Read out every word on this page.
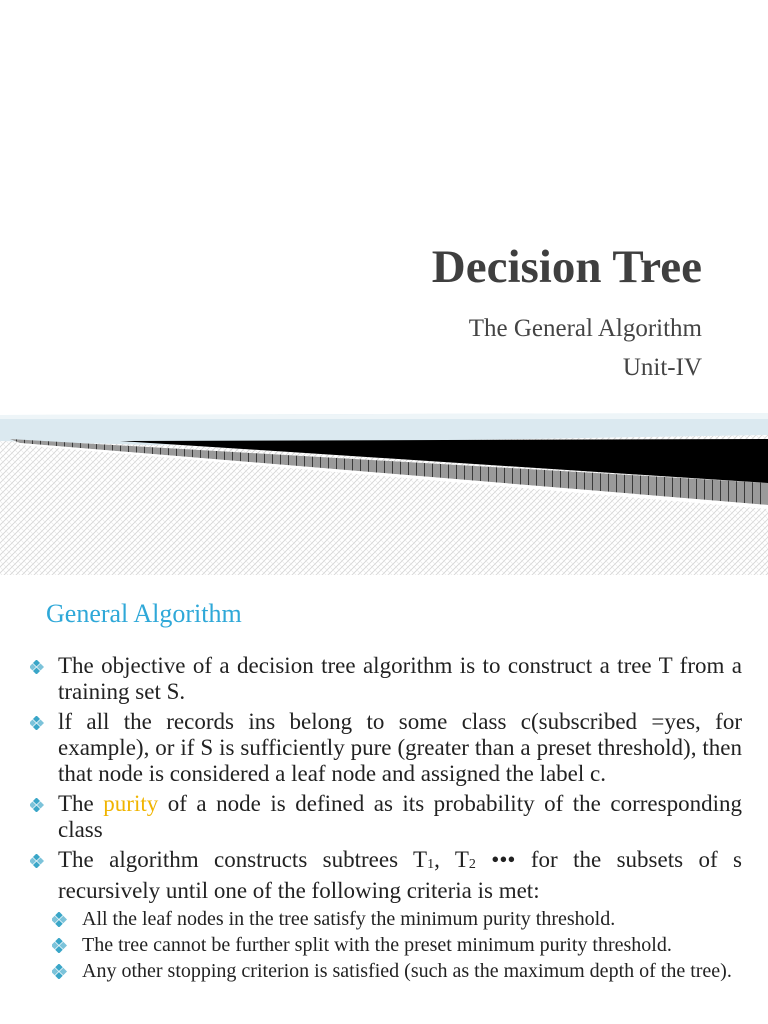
Decision Tree
The General Algorithm
Unit-IV
General Algorithm
The objective of a decision tree algorithm is to construct a tree T from a training set S.
lf all the records ins belong to some class c(subscribed =yes, for example), or if S is sufficiently pure (greater than a preset threshold), then that node is considered a leaf node and assigned the label c.
The purity of a node is defined as its probability of the corresponding class
The algorithm constructs subtrees $T_1$, $T_2$ ••• for the subsets of s recursively until one of the following criteria is met:
All the leaf nodes in the tree satisfy the minimum purity threshold.
The tree cannot be further split with the preset minimum purity threshold.
Any other stopping criterion is satisfied (such as the maximum depth of the tree).
